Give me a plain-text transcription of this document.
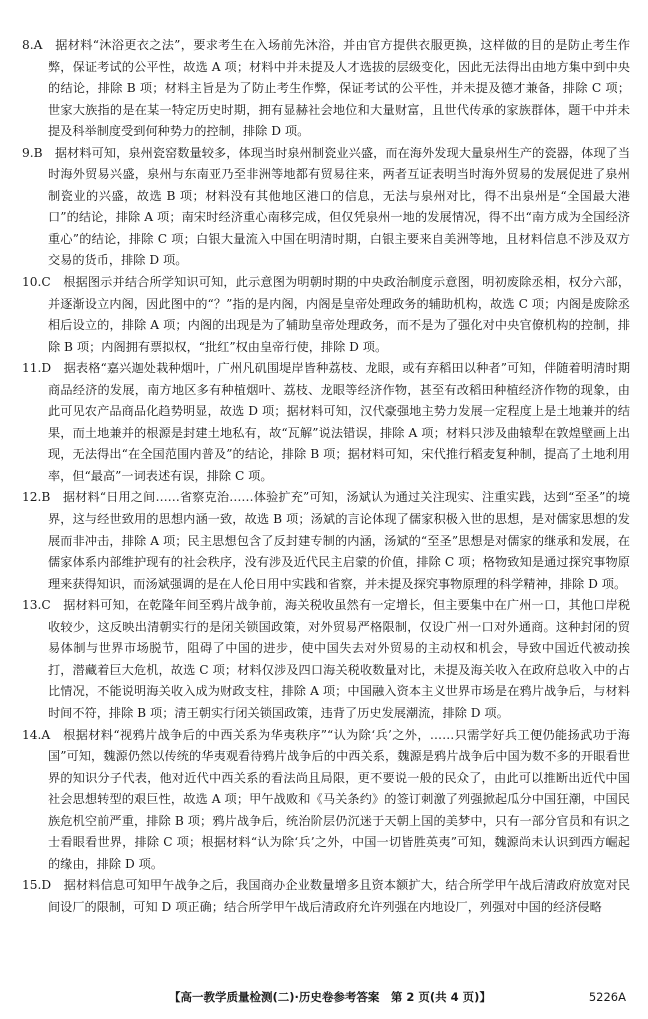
8.A　 据材料“沐浴更衣之法”，要求考生在入场前先沐浴，并由官方提供衣服更换，这样做的目的是防止考生作弊，保证考试的公平性，故选 A 项；材料中并未提及人才选拔的层级变化，因此无法得出由地方集中到中央的结论，排除 B 项；材料主旨是为了防止考生作弊，保证考试的公平性，并未提及德才兼备，排除 C 项；世家大族指的是在某一特定历史时期，拥有显赫社会地位和大量财富，且世代传承的家族群体，题干中并未提及科举制度受到何种势力的控制，排除 D 项。
9.B　 据材料可知，泉州瓷窑数量较多，体现当时泉州制瓷业兴盛，而在海外发现大量泉州生产的瓷器，体现了当时海外贸易兴盛，泉州与东南亚乃至非洲等地都有贸易往来，两者互证表明当时海外贸易的发展促进了泉州制瓷业的兴盛，故选 B 项；材料没有其他地区港口的信息，无法与泉州对比，得不出泉州是“全国最大港口”的结论，排除 A 项；南宋时经济重心南移完成，但仅凭泉州一地的发展情况，得不出“南方成为全国经济重心”的结论，排除 C 项；白银大量流入中国在明清时期，白银主要来自美洲等地，且材料信息不涉及双方交易的货币，排除 D 项。
10.C　 根据图示并结合所学知识可知，此示意图为明朝时期的中央政治制度示意图，明初废除丞相，权分六部，并逐渐设立内阁，因此图中的“？”指的是内阁，内阁是皇帝处理政务的辅助机构，故选 C 项；内阁是废除丞相后设立的，排除 A 项；内阁的出现是为了辅助皇帝处理政务，而不是为了强化对中央官僚机构的控制，排除 B 项；内阁拥有票拟权，“批红”权由皇帝行使，排除 D 项。
11.D　 据表格“嘉兴迦处栽种烟叶，广州凡矶围堤岸皆种荔枝、龙眼，或有弃稻田以种者”可知，伴随着明清时期商品经济的发展，南方地区多有种植烟叶、荔枝、龙眼等经济作物，甚至有改稻田种植经济作物的现象，由此可见农产品商品化趋势明显，故选 D 项；据材料可知，汉代豪强地主势力发展一定程度上是土地兼并的结果，而土地兼并的根源是封建土地私有，故“瓦解”说法错误，排除 A 项；材料只涉及曲辕犁在敦煌壁画上出现，无法得出“在全国范围内普及”的结论，排除 B 项；据材料可知，宋代推行稻麦复种制，提高了土地利用率，但“最高”一词表述有误，排除 C 项。
12.B　 据材料“日用之间……省察克治……体验扩充”可知，汤斌认为通过关注现实、注重实践，达到“至圣”的境界，这与经世致用的思想内涵一致，故选 B 项；汤斌的言论体现了儒家积极入世的思想，是对儒家思想的发展而非冲击，排除 A 项；民主思想包含了反封建专制的内涵，汤斌的“至圣”思想是对儒家的继承和发展，在儒家体系内部维护现有的社会秩序，没有涉及近代民主启蒙的价值，排除 C 项；格物致知是通过探究事物原理来获得知识，而汤斌强调的是在人伦日用中实践和省察，并未提及探究事物原理的科学精神，排除 D 项。
13.C　 据材料可知，在乾隆年间至鸦片战争前，海关税收虽然有一定增长，但主要集中在广州一口，其他口岸税收较少，这反映出清朝实行的是闭关锁国政策，对外贸易严格限制，仅设广州一口对外通商。这种封闭的贸易体制与世界市场脱节，阻碍了中国的进步，使中国失去对外贸易的主动权和机会，导致中国近代被动挨打，潜藏着巨大危机，故选 C 项；材料仅涉及四口海关税收数量对比，未提及海关收入在政府总收入中的占比情况，不能说明海关收入成为财政支柱，排除 A 项；中国融入资本主义世界市场是在鸦片战争后，与材料时间不符，排除 B 项；清王朝实行闭关锁国政策，违背了历史发展潮流，排除 D 项。
14.A　 根据材料“视鸦片战争后的中西关系为华夷秩序”“认为除‘兵’之外，……只需学好兵工便仍能扬武功于海国”可知，魏源仍然以传统的华夷观看待鸦片战争后的中西关系，魏源是鸦片战争后中国为数不多的开眼看世界的知识分子代表，他对近代中西关系的看法尚且局限，更不要说一般的民众了，由此可以推断出近代中国社会思想转型的艰巨性，故选 A 项；甲午战败和《马关条约》的签订刺激了列强掀起瓜分中国狂潮，中国民族危机空前严重，排除 B 项；鸦片战争后，统治阶层仍沉迷于天朝上国的美梦中，只有一部分官员和有识之士看眼看世界，排除 C 项；根据材料“认为除‘兵’之外，中国一切皆胜英夷”可知，魏源尚未认识到西方崛起的缘由，排除 D 项。
15.D　 据材料信息可知甲午战争之后，我国商办企业数量增多且资本额扩大，结合所学甲午战后清政府放宽对民间设厂的限制，可知 D 项正确；结合所学甲午战后清政府允许列强在内地设厂，列强对中国的经济侵略
【高一教学质量检测(二)·历史卷参考答案　第 2 页(共 4 页)】	5226A
